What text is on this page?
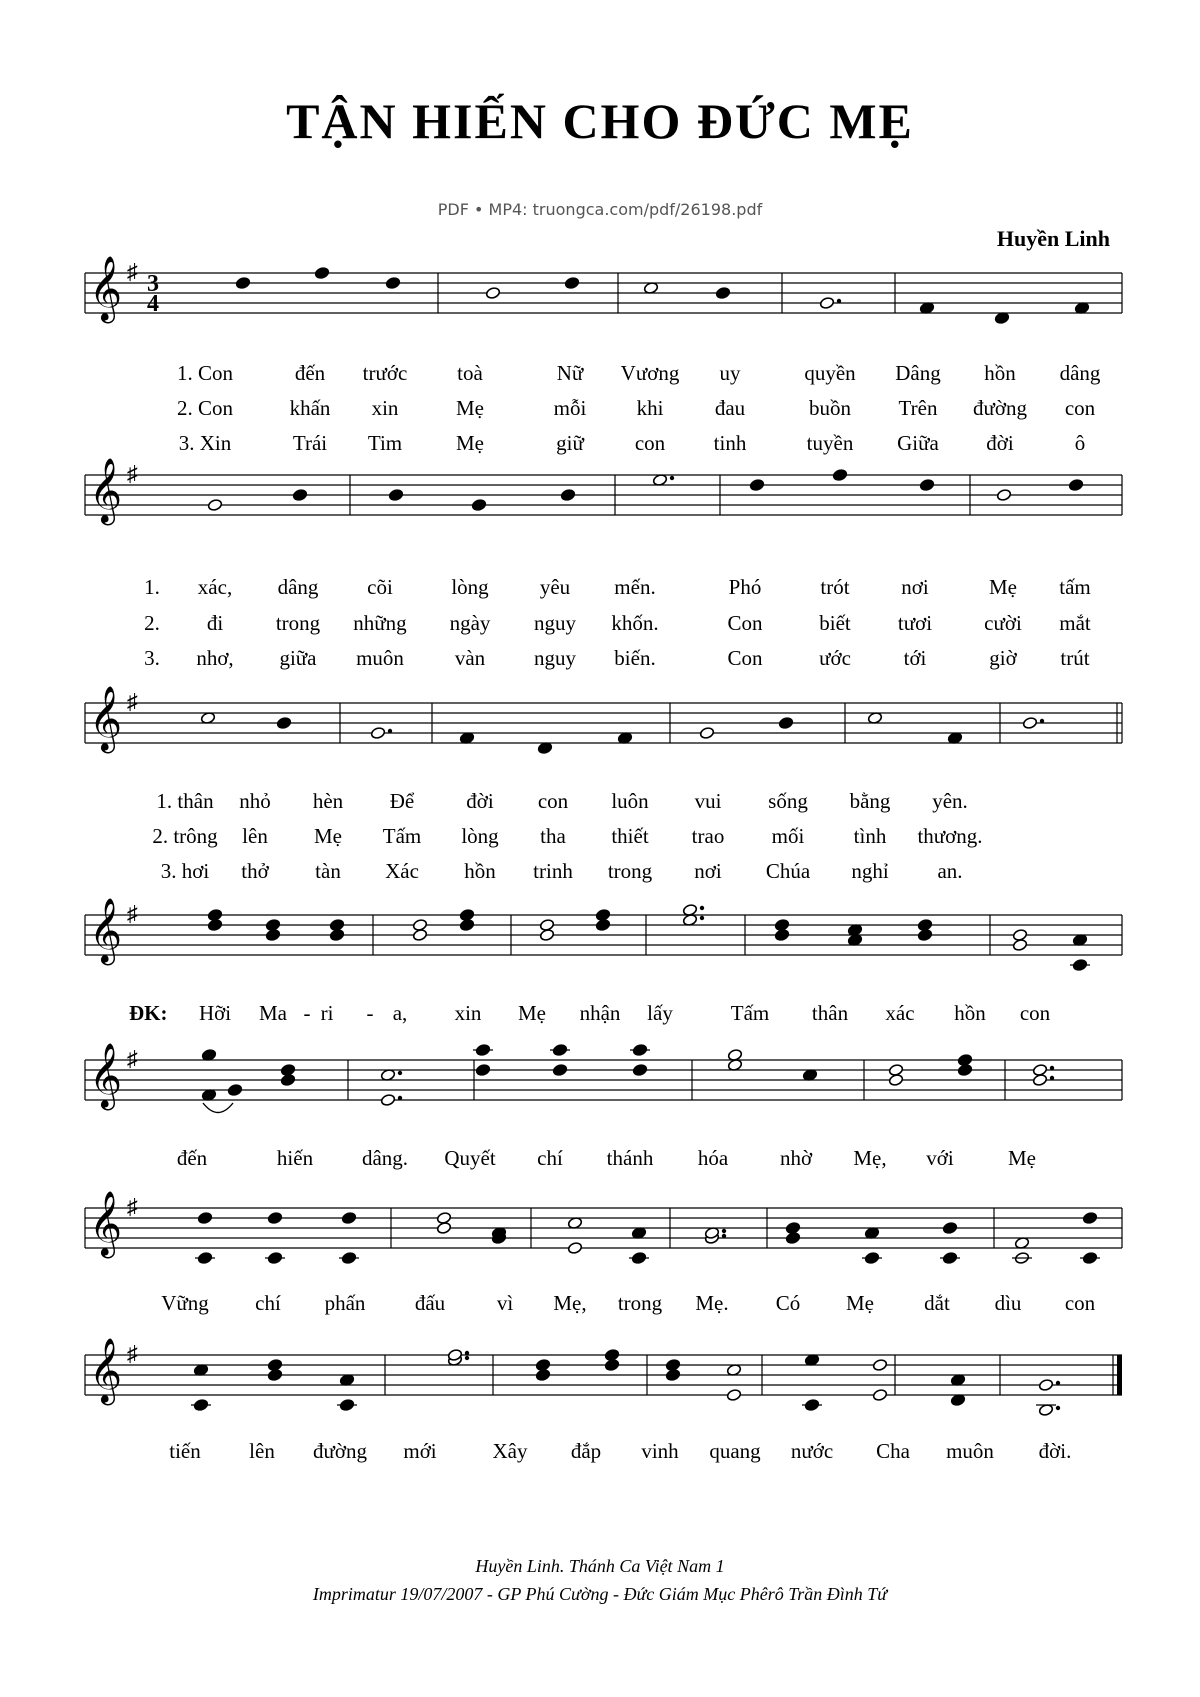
TẬN HIẾN CHO ĐỨC MẸ
PDF • MP4: truongca.com/pdf/26198.pdf
Huyền Linh
𝄞 ♯ 3
4
1. Con	đến trước toà	Nữ Vương uy	quyền Dâng hồn dâng
2. Con	khấn xin	Mẹ	mỗi khi đau	buồn Trên đường con
3. Xin	Trái Tim	Mẹ	giữ con tinh	tuyền Giữa đời	ô
𝄞 ♯
1. xác, dâng cõi	lòng yêu mến.	Phó	trót nơi	Mẹ tấm
2. đi	trong những ngày nguy khốn.	Con	biết tươi cười mắt
3. nhơ, giữa muôn vàn nguy biến.	Con	ước	tới	giờ trút
𝄞 ♯
1. thân nhỏ hèn Để đời con luôn vui sống bằng yên.
2. trông lên Mẹ Tấm lòng tha thiết trao mối tình thương.
3. hơi thở tàn Xác hồn trinh trong nơi Chúa nghỉ an.
𝄞 ♯
Hỡi Ma - ri - a, xin Mẹ nhận lấy	Tấm thân xác hồn con
ĐK:
𝄞 ♯
đến	hiến dâng. Quyết chí thánh hóa nhờ Mẹ, với	Mẹ
𝄞 ♯
Vững chí phấn đấu vì Mẹ, trong Mẹ. Có Mẹ dắt dìu con
𝄞 ♯
tiến lên đường mới	Xây đắp vinh quang nước Cha muôn đời.
Huyền Linh. Thánh Ca Việt Nam 1
Imprimatur 19/07/2007 - GP Phú Cường - Đức Giám Mục Phêrô Trần Đình Tứ
